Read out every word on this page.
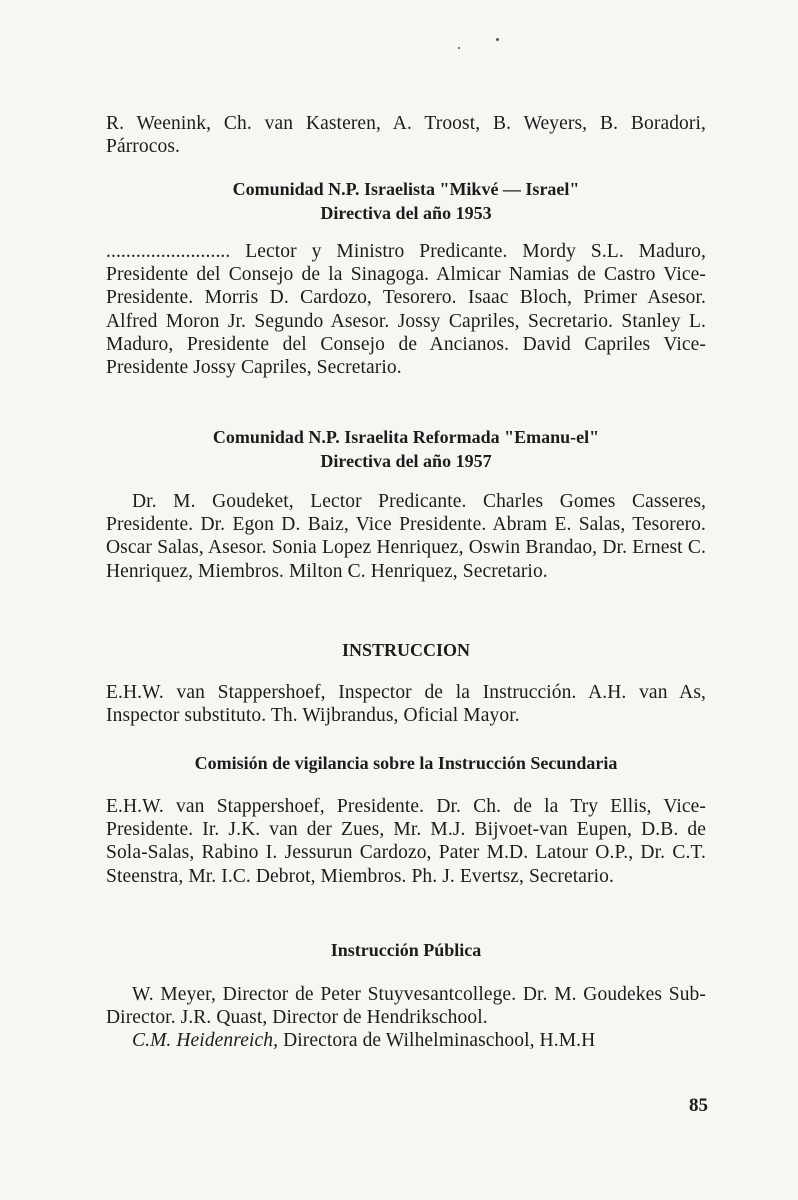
R. Weenink, Ch. van Kasteren, A. Troost, B. Weyers, B. Boradori, Párrocos.

Comunidad N.P. Israelista "Mikvé — Israel"

Directiva del año 1953

......................... Lector y Ministro Predicante. Mordy S.L. Maduro, Presidente del Consejo de la Sinagoga. Almicar Namias de Castro Vice-Presidente. Morris D. Cardozo, Tesorero. Isaac Bloch, Primer Asesor. Alfred Moron Jr. Segundo Asesor. Jossy Capriles, Secretario. Stanley L. Maduro, Presidente del Consejo de Ancianos. David Capriles Vice-Presidente Jossy Capriles, Secretario.

Comunidad N.P. Israelita Reformada "Emanu-el"

Directiva del año 1957

Dr. M. Goudeket, Lector Predicante. Charles Gomes Casseres, Presidente. Dr. Egon D. Baiz, Vice Presidente. Abram E. Salas, Tesorero. Oscar Salas, Asesor. Sonia Lopez Henriquez, Oswin Brandao, Dr. Ernest C. Henriquez, Miembros. Milton C. Henriquez, Secretario.

INSTRUCCION

E.H.W. van Stappershoef, Inspector de la Instrucción. A.H. van As, Inspector substituto. Th. Wijbrandus, Oficial Mayor.

Comisión de vigilancia sobre la Instrucción Secundaria

E.H.W. van Stappershoef, Presidente. Dr. Ch. de la Try Ellis, Vice-Presidente. Ir. J.K. van der Zues, Mr. M.J. Bijvoet-van Eupen, D.B. de Sola-Salas, Rabino I. Jessurun Cardozo, Pater M.D. Latour O.P., Dr. C.T. Steenstra, Mr. I.C. Debrot, Miembros. Ph. J. Evertsz, Secretario.

Instrucción Pública

W. Meyer, Director de Peter Stuyvesantcollege. Dr. M. Goudekes Sub-Director. J.R. Quast, Director de Hendrikschool.

C.M. Heidenreich, Directora de Wilhelminaschool, H.M.H

85
